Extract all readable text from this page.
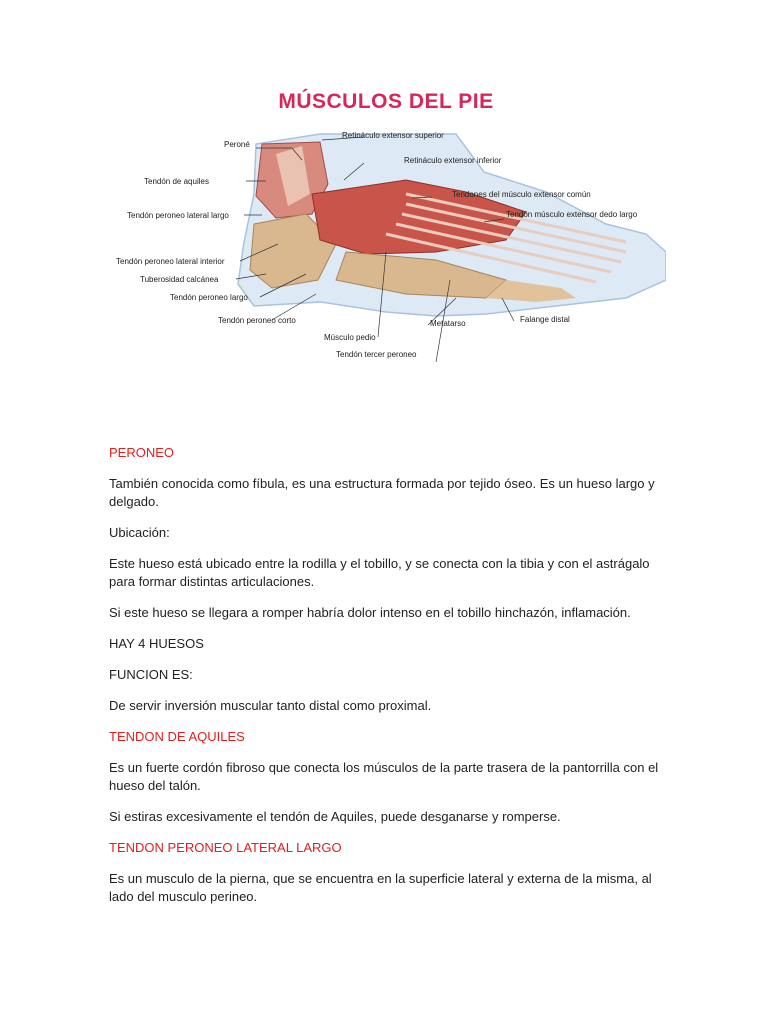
Peroné
Retináculo extensor superior
Retináculo extensor inferior
Tendón de aquiles
Tendones del músculo extensor común
Tendón peroneo lateral largo	Tendón músculo extensor dedo largo
Tendón peroneo lateral interior
Tuberosidad calcánea
Tendón peroneo largo
Tendón peroneo corto
Músculo pedio
Metatarso	Falange distal
Tendón tercer peroneo
MÚSCULOS DEL PIE

PERONEO

También conocida como fíbula, es una estructura formada por tejido óseo. Es un hueso largo y delgado.

Ubicación:

Este hueso está ubicado entre la rodilla y el tobillo, y se conecta con la tibia y con el astrágalo para formar distintas articulaciones.

Si este hueso se llegara a romper habría dolor intenso en el tobillo hinchazón, inflamación.

HAY 4 HUESOS

FUNCION ES:

De servir inversión muscular tanto distal como proximal.

TENDON DE AQUILES

Es un fuerte cordón fibroso que conecta los músculos de la parte trasera de la pantorrilla con el hueso del talón.

Si estiras excesivamente el tendón de Aquiles, puede desganarse y romperse.

TENDON PERONEO LATERAL LARGO

Es un musculo de la pierna, que se encuentra en la superficie lateral y externa de la misma, al lado del musculo perineo.
